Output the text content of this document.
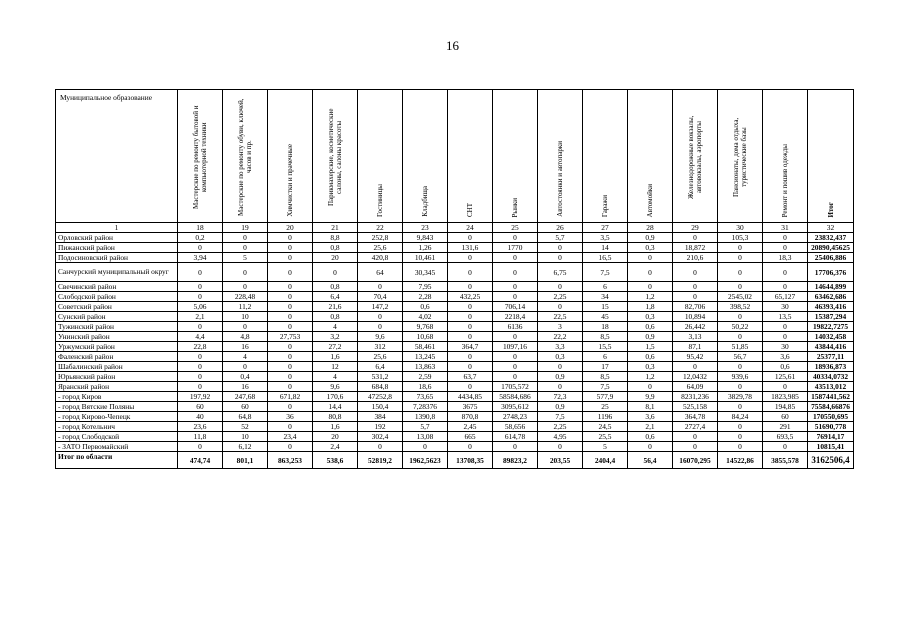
16
Муниципальное образование	Мастерские по ремонту бытовой и компьютерной техники	Мастерские по ремонту обуви, ключей, часов и пр.	Химчистки и прачечные	Парикмахерские, косметические салоны, салоны красоты	Гостиницы	Кладбища	СНТ	Рынки	Автостоянки и автопарки	Гаражи	Автомойки	Железнодорожные вокзалы, автовокзалы, аэропорты	Пансионаты, дома отдыха, туристические базы	Ремонт и пошив одежды	Итог
1	18	19	20	21	22	23	24	25	26	27	28	29	30	31	32
Орловский район	0,2	0	0	8,8	252,8	9,843	0	0	5,7	3,5	0,9	0	105,3	0	23832,437
Пижанский район	0	0	0	0,8	25,6	1,26	131,6	1770	0	14	0,3	18,872	0	0	20890,45625
Подосиновский район	3,94	5	0	20	420,8	10,461	0	0	0	16,5	0	210,6	0	18,3	25406,886
Санчурский муниципальный округ	0	0	0	0	64	30,345	0	0	6,75	7,5	0	0	0	0	17706,376
Свечинский район	0	0	0	0,8	0	7,95	0	0	0	6	0	0	0	0	14644,899
Слободской район	0	228,48	0	6,4	70,4	2,28	432,25	0	2,25	34	1,2	0	2545,02	65,127	63462,686
Советский район	5,06	11,2	0	21,6	147,2	0,6	0	706,14	0	15	1,8	82,706	398,52	30	46393,416
Сунский район	2,1	10	0	0,8	0	4,02	0	2218,4	22,5	45	0,3	10,894	0	13,5	15387,294
Тужинский район	0	0	0	4	0	9,768	0	6136	3	18	0,6	26,442	50,22	0	19822,7275
Унинский район	4,4	4,8	27,753	3,2	9,6	10,68	0	0	22,2	8,5	0,9	3,13	0	0	14032,458
Уржумский район	22,8	16	0	27,2	312	58,461	364,7	1097,16	3,3	15,5	1,5	87,1	51,85	30	43844,416
Фаленский район	0	4	0	1,6	25,6	13,245	0	0	0,3	6	0,6	95,42	56,7	3,6	25377,11
Шабалинский район	0	0	0	12	6,4	13,863	0	0	0	17	0,3	0	0	0,6	18936,873
Юрьянский район	0	0,4	0	4	531,2	2,59	63,7	0	0,9	8,5	1,2	12,0432	939,6	125,61	40334,0732
Яранский район	0	16	0	9,6	684,8	18,6	0	1705,572	0	7,5	0	64,09	0	0	43513,012
- город Киров	197,92	247,68	671,82	170,6	47252,8	73,65	4434,85	58584,686	72,3	577,9	9,9	8231,236	3829,78	1823,985	1587441,562
- город Вятские Поляны	60	60	0	14,4	150,4	7,28376	3675	3095,612	0,9	25	8,1	525,158	0	194,85	75584,66876
- город Кирово-Чепецк	40	64,8	36	80,8	384	1390,8	870,8	2748,23	7,5	1196	3,6	364,78	84,24	60	170550,695
- город Котельнич	23,6	52	0	1,6	192	5,7	2,45	58,656	2,25	24,5	2,1	2727,4	0	291	51690,778
- город Слободской	11,8	10	23,4	20	302,4	13,08	665	614,78	4,95	25,5	0,6	0	0	693,5	76914,17
- ЗАТО Первомайский	0	6,12	0	2,4	0	0	0	0	0	5	0	0	0	0	10815,41
Итог по области	474,74	801,1	863,253	538,6	52819,2	1962,5623	13708,35	89823,2	203,55	2404,4	56,4	16070,295	14522,86	3855,578	3162506,4
